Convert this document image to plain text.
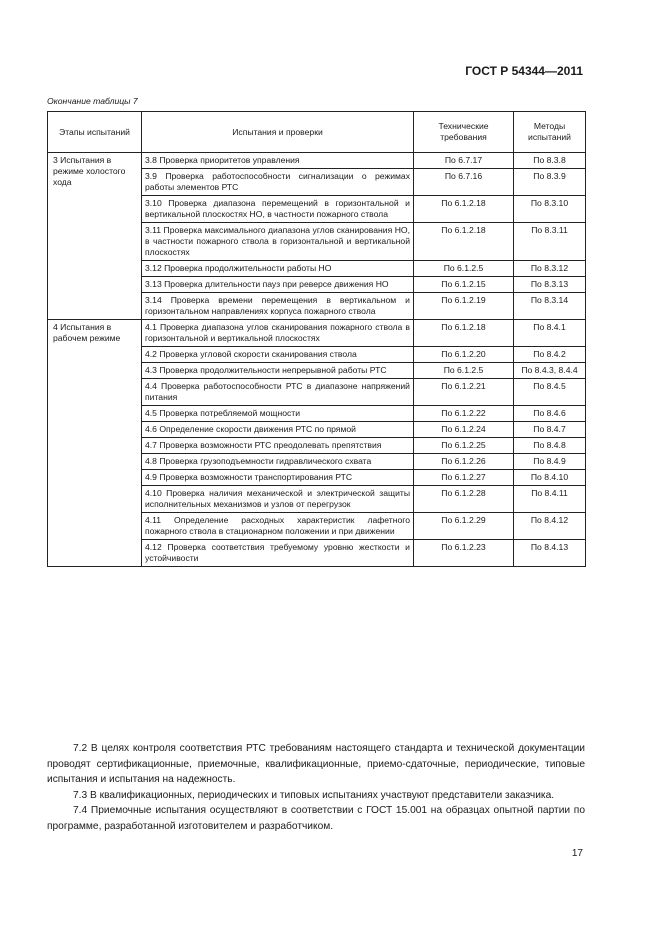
ГОСТ Р 54344—2011
Окончание таблицы 7
Этапы испытаний	Испытания и проверки	Технические требования	Методы испытаний
3 Испытания в режиме холостого хода	3.8 Проверка приоритетов управления	По 6.7.17	По 8.3.8
	3.9 Проверка работоспособности сигнализации о режимах работы элементов РТС	По 6.7.16	По 8.3.9
	3.10 Проверка диапазона перемещений в горизонтальной и вертикальной плоскостях НО, в частности пожарного ствола	По 6.1.2.18	По 8.3.10
	3.11 Проверка максимального диапазона углов сканирования НО, в частности пожарного ствола в горизонтальной и вертикальной плоскостях	По 6.1.2.18	По 8.3.11
	3.12 Проверка продолжительности работы НО	По 6.1.2.5	По 8.3.12
	3.13 Проверка длительности пауз при реверсе движения НО	По 6.1.2.15	По 8.3.13
	3.14 Проверка времени перемещения в вертикальном и горизонтальном направлениях корпуса пожарного ствола	По 6.1.2.19	По 8.3.14
4 Испытания в рабочем режиме	4.1 Проверка диапазона углов сканирования пожарного ствола в горизонтальной и вертикальной плоскостях	По 6.1.2.18	По 8.4.1
	4.2 Проверка угловой скорости сканирования ствола	По 6.1.2.20	По 8.4.2
	4.3 Проверка продолжительности непрерывной работы РТС	По 6.1.2.5	По 8.4.3, 8.4.4
	4.4 Проверка работоспособности РТС в диапазоне напряжений питания	По 6.1.2.21	По 8.4.5
	4.5 Проверка потребляемой мощности	По 6.1.2.22	По 8.4.6
	4.6 Определение скорости движения РТС по прямой	По 6.1.2.24	По 8.4.7
	4.7 Проверка возможности РТС преодолевать препятствия	По 6.1.2.25	По 8.4.8
	4.8 Проверка грузоподъемности гидравлического схвата	По 6.1.2.26	По 8.4.9
	4.9 Проверка возможности транспортирования РТС	По 6.1.2.27	По 8.4.10
	4.10 Проверка наличия механической и электрической защиты исполнительных механизмов и узлов от перегрузок	По 6.1.2.28	По 8.4.11
	4.11 Определение расходных характеристик лафетного пожарного ствола в стационарном положении и при движении	По 6.1.2.29	По 8.4.12
	4.12 Проверка соответствия требуемому уровню жесткости и устойчивости	По 6.1.2.23	По 8.4.13

7.2 В целях контроля соответствия РТС требованиям настоящего стандарта и технической документации проводят сертификационные, приемочные, квалификационные, приемо-сдаточные, периодические, типовые испытания и испытания на надежность.

7.3 В квалификационных, периодических и типовых испытаниях участвуют представители заказчика.

7.4 Приемочные испытания осуществляют в соответствии с ГОСТ 15.001 на образцах опытной партии по программе, разработанной изготовителем и разработчиком.

17
